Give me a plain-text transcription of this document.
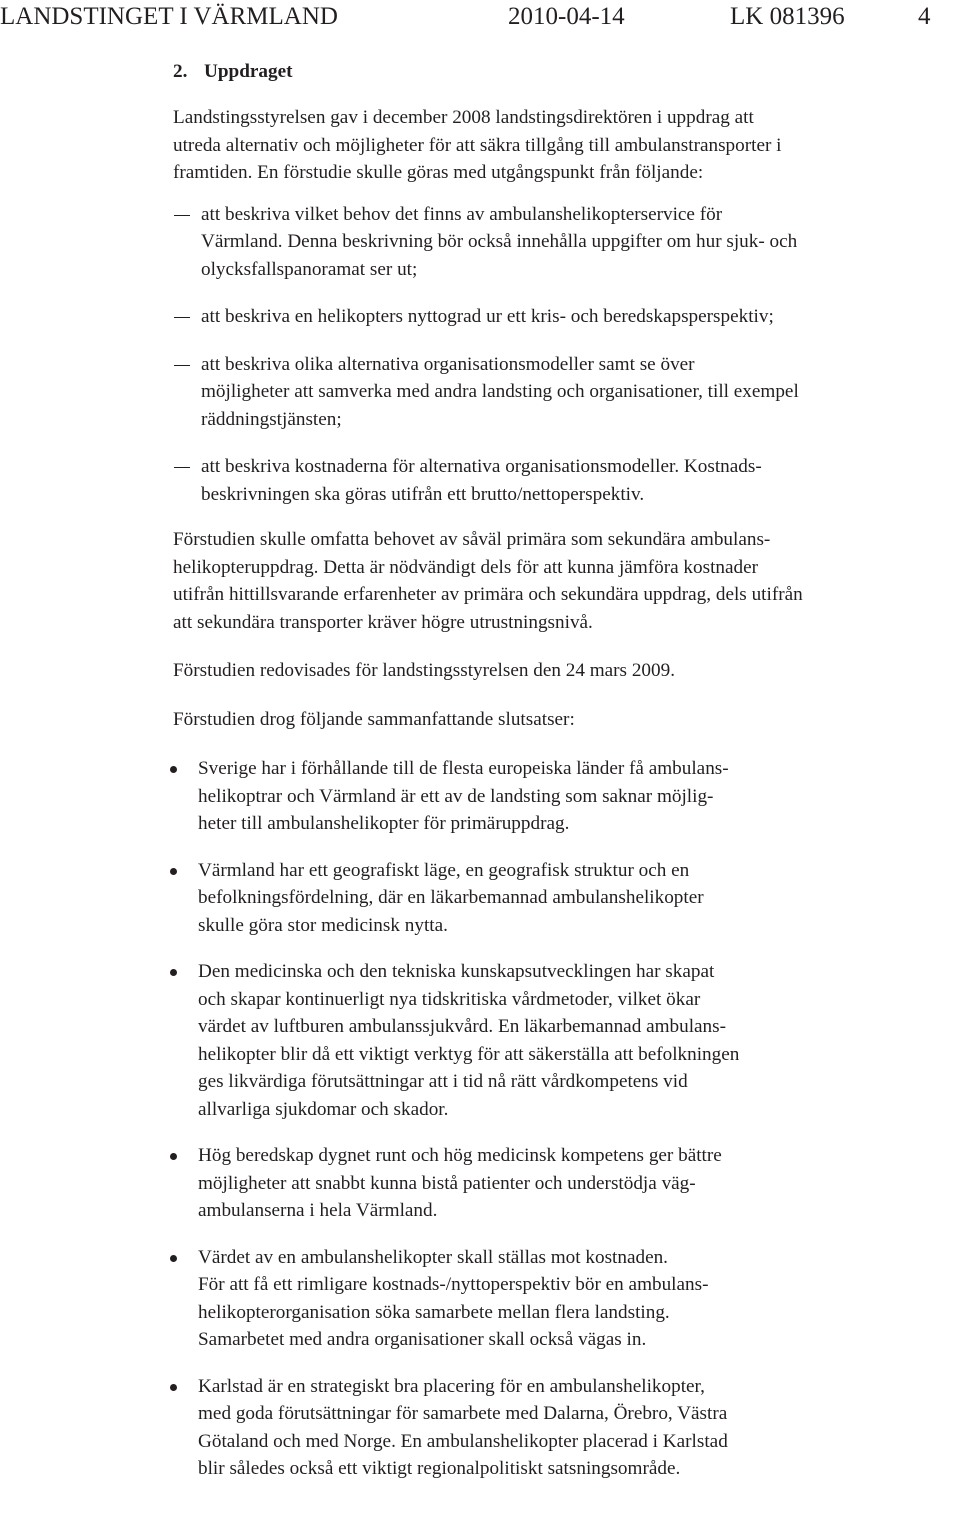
LANDSTINGET I VÄRMLAND	2010-04-14	LK 081396	4
2. Uppdraget

Landstingsstyrelsen gav i december 2008 landstingsdirektören i uppdrag att
utreda alternativ och möjligheter för att säkra tillgång till ambulanstransporter i
framtiden. En förstudie skulle göras med utgångspunkt från följande:

att beskriva vilket behov det finns av ambulanshelikopterservice för
Värmland. Denna beskrivning bör också innehålla uppgifter om hur sjuk- och
olycksfallspanoramat ser ut;
att beskriva en helikopters nyttograd ur ett kris- och beredskapsperspektiv;
att beskriva olika alternativa organisationsmodeller samt se över
möjligheter att samverka med andra landsting och organisationer, till exempel
räddningstjänsten;
att beskriva kostnaderna för alternativa organisationsmodeller. Kostnads-
beskrivningen ska göras utifrån ett brutto/nettoperspektiv.

Förstudien skulle omfatta behovet av såväl primära som sekundära ambulans-
helikopteruppdrag. Detta är nödvändigt dels för att kunna jämföra kostnader
utifrån hittillsvarande erfarenheter av primära och sekundära uppdrag, dels utifrån
att sekundära transporter kräver högre utrustningsnivå.

Förstudien redovisades för landstingsstyrelsen den 24 mars 2009.

Förstudien drog följande sammanfattande slutsatser:

Sverige har i förhållande till de flesta europeiska länder få ambulans-
helikoptrar och Värmland är ett av de landsting som saknar möjlig-
heter till ambulanshelikopter för primäruppdrag.
Värmland har ett geografiskt läge, en geografisk struktur och en
befolkningsfördelning, där en läkarbemannad ambulanshelikopter
skulle göra stor medicinsk nytta.
Den medicinska och den tekniska kunskapsutvecklingen har skapat
och skapar kontinuerligt nya tidskritiska vårdmetoder, vilket ökar
värdet av luftburen ambulanssjukvård. En läkarbemannad ambulans-
helikopter blir då ett viktigt verktyg för att säkerställa att befolkningen
ges likvärdiga förutsättningar att i tid nå rätt vårdkompetens vid
allvarliga sjukdomar och skador.
Hög beredskap dygnet runt och hög medicinsk kompetens ger bättre
möjligheter att snabbt kunna bistå patienter och understödja väg-
ambulanserna i hela Värmland.
Värdet av en ambulanshelikopter skall ställas mot kostnaden.
För att få ett rimligare kostnads-/nyttoperspektiv bör en ambulans-
helikopterorganisation söka samarbete mellan flera landsting.
Samarbetet med andra organisationer skall också vägas in.
Karlstad är en strategiskt bra placering för en ambulanshelikopter,
med goda förutsättningar för samarbete med Dalarna, Örebro, Västra
Götaland och med Norge. En ambulanshelikopter placerad i Karlstad
blir således också ett viktigt regionalpolitiskt satsningsområde.
